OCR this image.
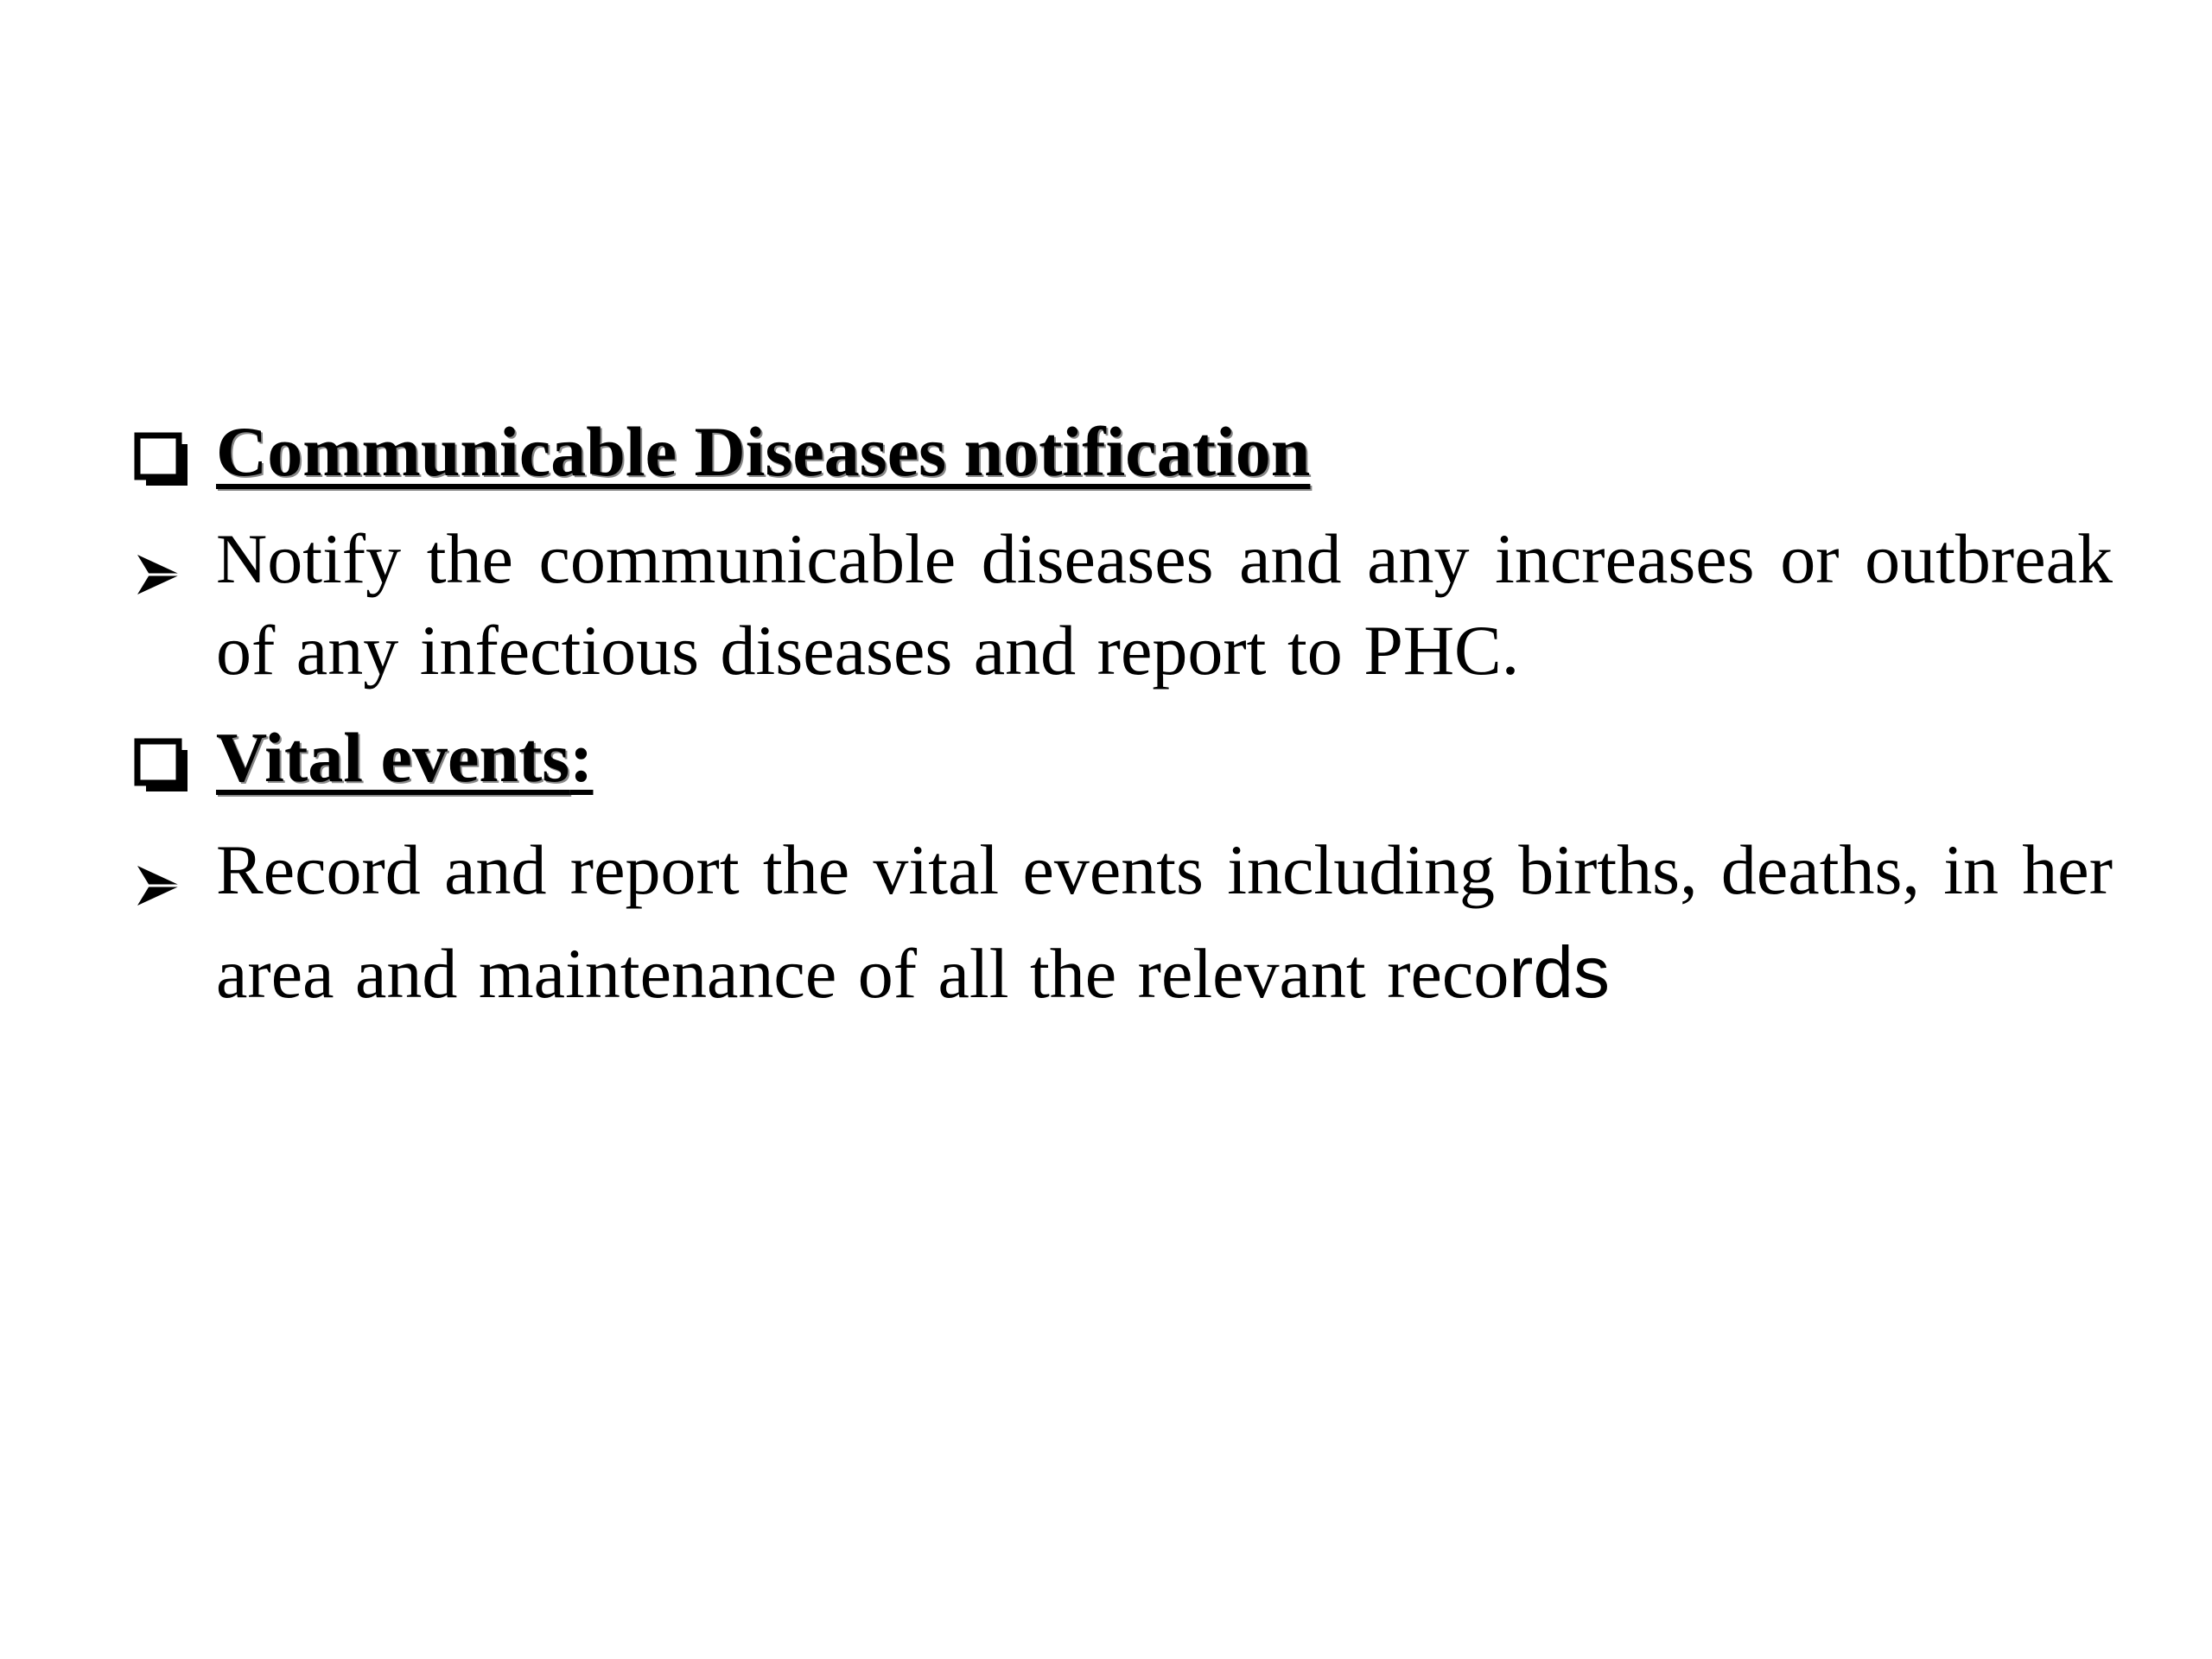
Communicable Diseases notification
Notify the communicable diseases and any increases or outbreak of any infectious diseases and report to PHC.
Vital events:
Record and report the vital events including births, deaths, in her area and maintenance of all the relevant records
